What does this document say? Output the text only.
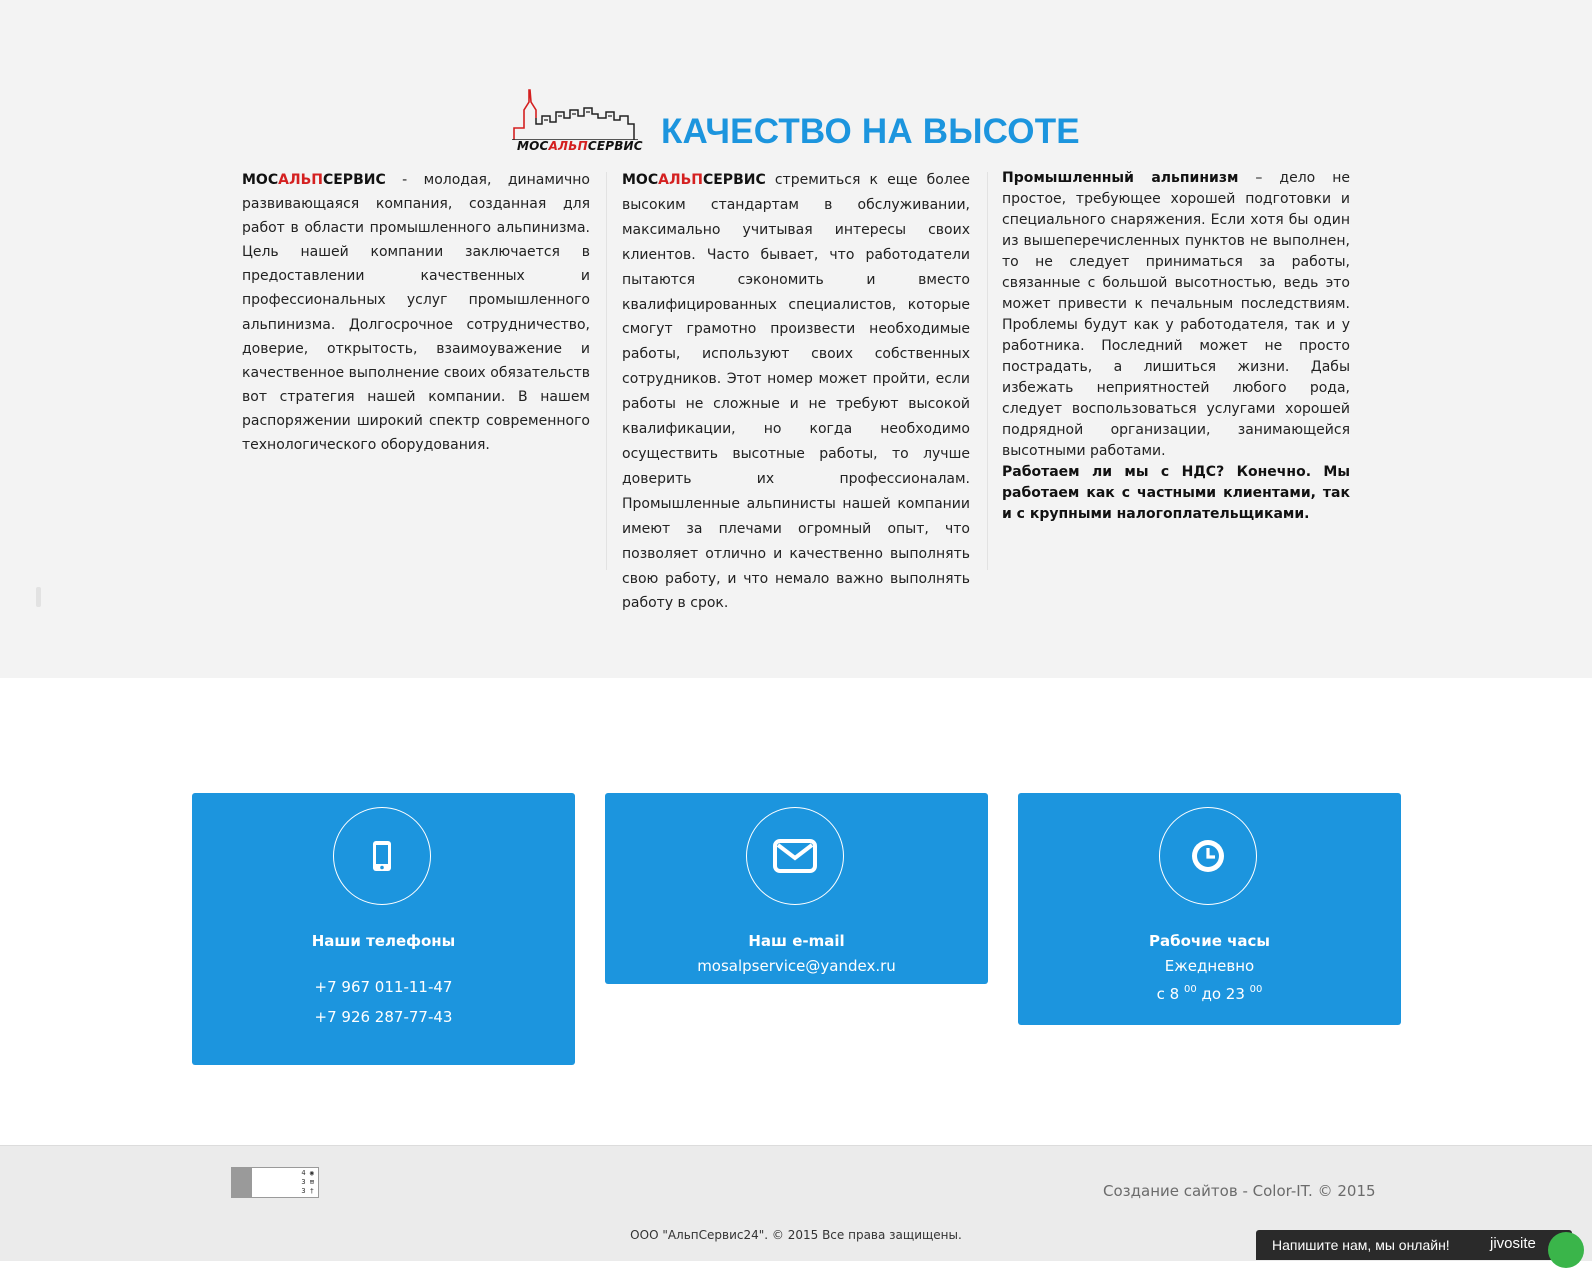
МОСАЛЬПСЕРВИС КАЧЕСТВО НА ВЫСОТЕ

МОСАЛЬПСЕРВИС - молодая, динамично развивающаяся компания, созданная для работ в области промышленного альпинизма. Цель нашей компании заключается в предоставлении качественных и профессиональных услуг промышленного альпинизма. Долгосрочное сотрудничество, доверие, открытость, взаимоуважение и качественное выполнение своих обязательств вот стратегия нашей компании. В нашем распоряжении широкий спектр современного технологического оборудования.

МОСАЛЬПСЕРВИС стремиться к еще более высоким стандартам в обслуживании, максимально учитывая интересы своих клиентов. Часто бывает, что работодатели пытаются сэкономить и вместо квалифицированных специалистов, которые смогут грамотно произвести необходимые работы, используют своих собственных сотрудников. Этот номер может пройти, если работы не сложные и не требуют высокой квалификации, но когда необходимо осуществить высотные работы, то лучше доверить их профессионалам. Промышленные альпинисты нашей компании имеют за плечами огромный опыт, что позволяет отлично и качественно выполнять свою работу, и что немало важно выполнять работу в срок.

Промышленный альпинизм – дело не простое, требующее хорошей подготовки и специального снаряжения. Если хотя бы один из вышеперечисленных пунктов не выполнен, то не следует приниматься за работы, связанные с большой высотностью, ведь это может привести к печальным последствиям. Проблемы будут как у работодателя, так и у работника. Последний может не просто пострадать, а лишиться жизни. Дабы избежать неприятностей любого рода, следует воспользоваться услугами хорошей подрядной организации, занимающейся высотными работами.

Работаем ли мы с НДС? Конечно. Мы работаем как с частными клиентами, так и с крупными налогоплательщиками.

Наши телефоны
+7 967 011-11-47
+7 926 287-77-43
Наш e-mail
mosalpservice@yandex.ru
Рабочие часы
Ежедневно
с 8 $^{00}$ до 23 $^{00}$
4 ◉
3 ⊞
3 †	Создание сайтов - Color-IT. © 2015
ООО "АльпСервис24". © 2015 Все права защищены.
Напишите нам, мы онлайн!	jivosite
